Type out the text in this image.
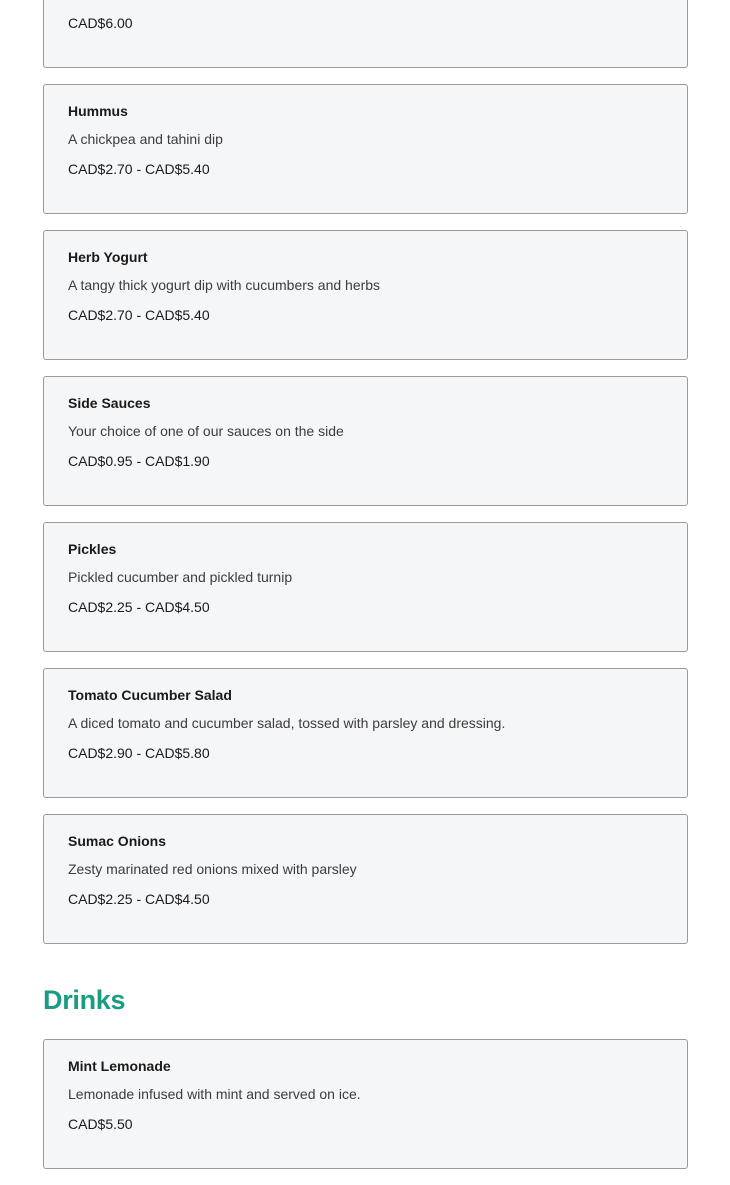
CAD$6.00
Hummus
A chickpea and tahini dip
CAD$2.70 - CAD$5.40
Herb Yogurt
A tangy thick yogurt dip with cucumbers and herbs
CAD$2.70 - CAD$5.40
Side Sauces
Your choice of one of our sauces on the side
CAD$0.95 - CAD$1.90
Pickles
Pickled cucumber and pickled turnip
CAD$2.25 - CAD$4.50
Tomato Cucumber Salad
A diced tomato and cucumber salad, tossed with parsley and dressing.
CAD$2.90 - CAD$5.80
Sumac Onions
Zesty marinated red onions mixed with parsley
CAD$2.25 - CAD$4.50
Drinks
Mint Lemonade
Lemonade infused with mint and served on ice.
CAD$5.50
